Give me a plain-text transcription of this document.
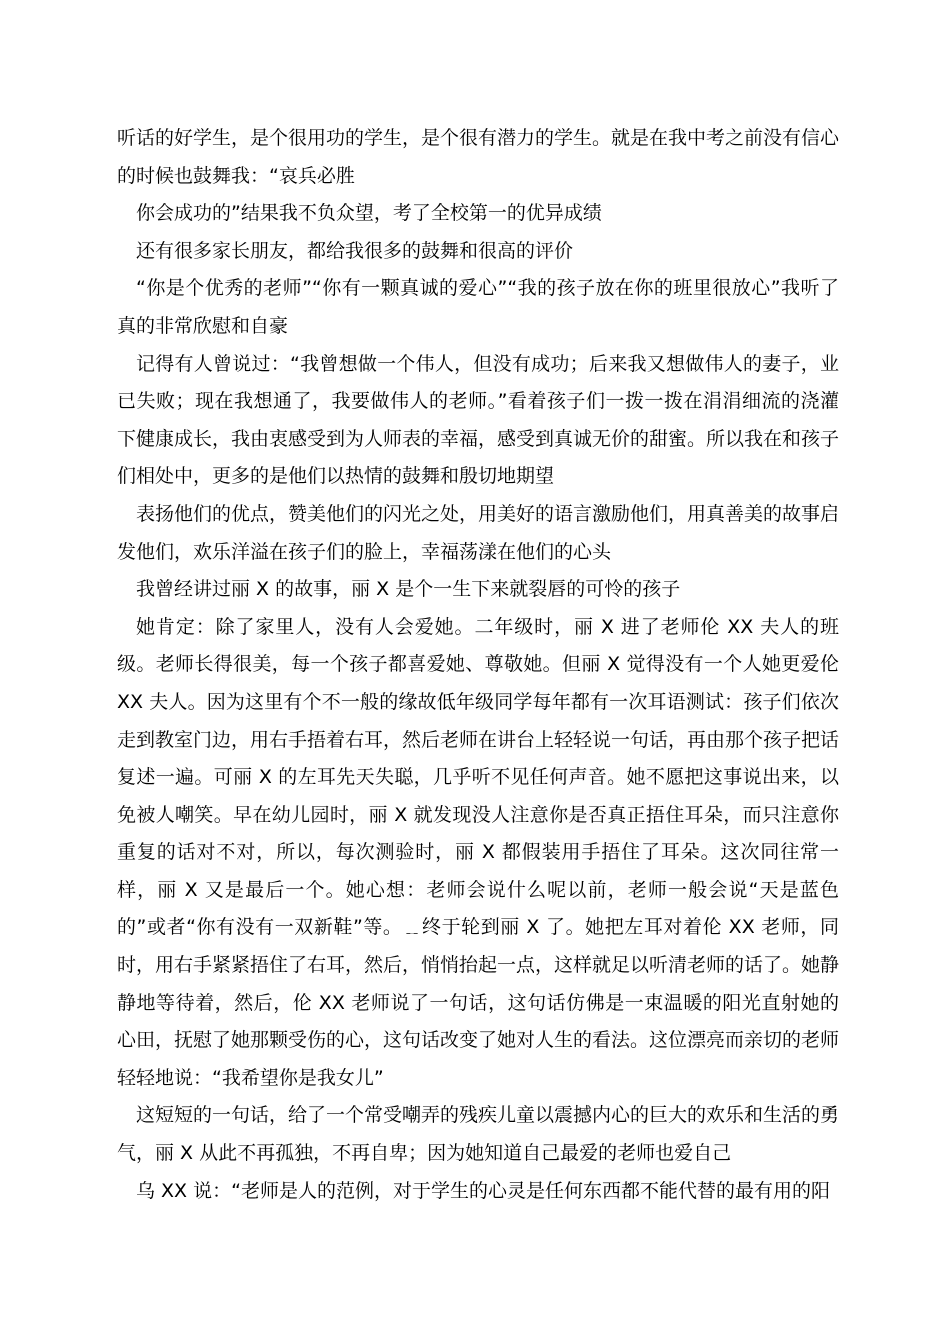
听话的好学生，是个很用功的学生，是个很有潜力的学生。就是在我中考之前没有信心的时候也鼓舞我：“哀兵必胜

你会成功的”结果我不负众望，考了全校第一的优异成绩

还有很多家长朋友，都给我很多的鼓舞和很高的评价

“你是个优秀的老师”“你有一颗真诚的爱心”“我的孩子放在你的班里很放心”我听了真的非常欣慰和自豪

记得有人曾说过：“我曾想做一个伟人，但没有成功；后来我又想做伟人的妻子，业已失败；现在我想通了，我要做伟人的老师。”看着孩子们一拨一拨在涓涓细流的浇灌下健康成长，我由衷感受到为人师表的幸福，感受到真诚无价的甜蜜。所以我在和孩子们相处中，更多的是他们以热情的鼓舞和殷切地期望

表扬他们的优点，赞美他们的闪光之处，用美好的语言激励他们，用真善美的故事启发他们，欢乐洋溢在孩子们的脸上，幸福荡漾在他们的心头

我曾经讲过丽 X 的故事，丽 X 是个一生下来就裂唇的可怜的孩子

她肯定：除了家里人，没有人会爱她。二年级时，丽 X 进了老师伦 XX 夫人的班级。老师长得很美，每一个孩子都喜爱她、尊敬她。但丽 X 觉得没有一个人她更爱伦 XX 夫人。因为这里有个不一般的缘故低年级同学每年都有一次耳语测试：孩子们依次走到教室门边，用右手捂着右耳，然后老师在讲台上轻轻说一句话，再由那个孩子把话复述一遍。可丽 X 的左耳先天失聪，几乎听不见任何声音。她不愿把这事说出来，以免被人嘲笑。早在幼儿园时，丽 X 就发现没人注意你是否真正捂住耳朵，而只注意你重复的话对不对，所以，每次测验时，丽 X 都假装用手捂住了耳朵。这次同往常一样，丽 X 又是最后一个。她心想：老师会说什么呢以前，老师一般会说“天是蓝色的”或者“你有没有一双新鞋”等。﹎终于轮到丽 X 了。她把左耳对着伦 XX 老师，同时，用右手紧紧捂住了右耳，然后，悄悄抬起一点，这样就足以听清老师的话了。她静静地等待着，然后，伦 XX 老师说了一句话，这句话仿佛是一束温暖的阳光直射她的心田，抚慰了她那颗受伤的心，这句话改变了她对人生的看法。这位漂亮而亲切的老师轻轻地说：“我希望你是我女儿”

这短短的一句话，给了一个常受嘲弄的残疾儿童以震撼内心的巨大的欢乐和生活的勇气，丽 X 从此不再孤独，不再自卑；因为她知道自己最爱的老师也爱自己

乌 XX 说：“老师是人的范例，对于学生的心灵是任何东西都不能代替的最有用的阳
